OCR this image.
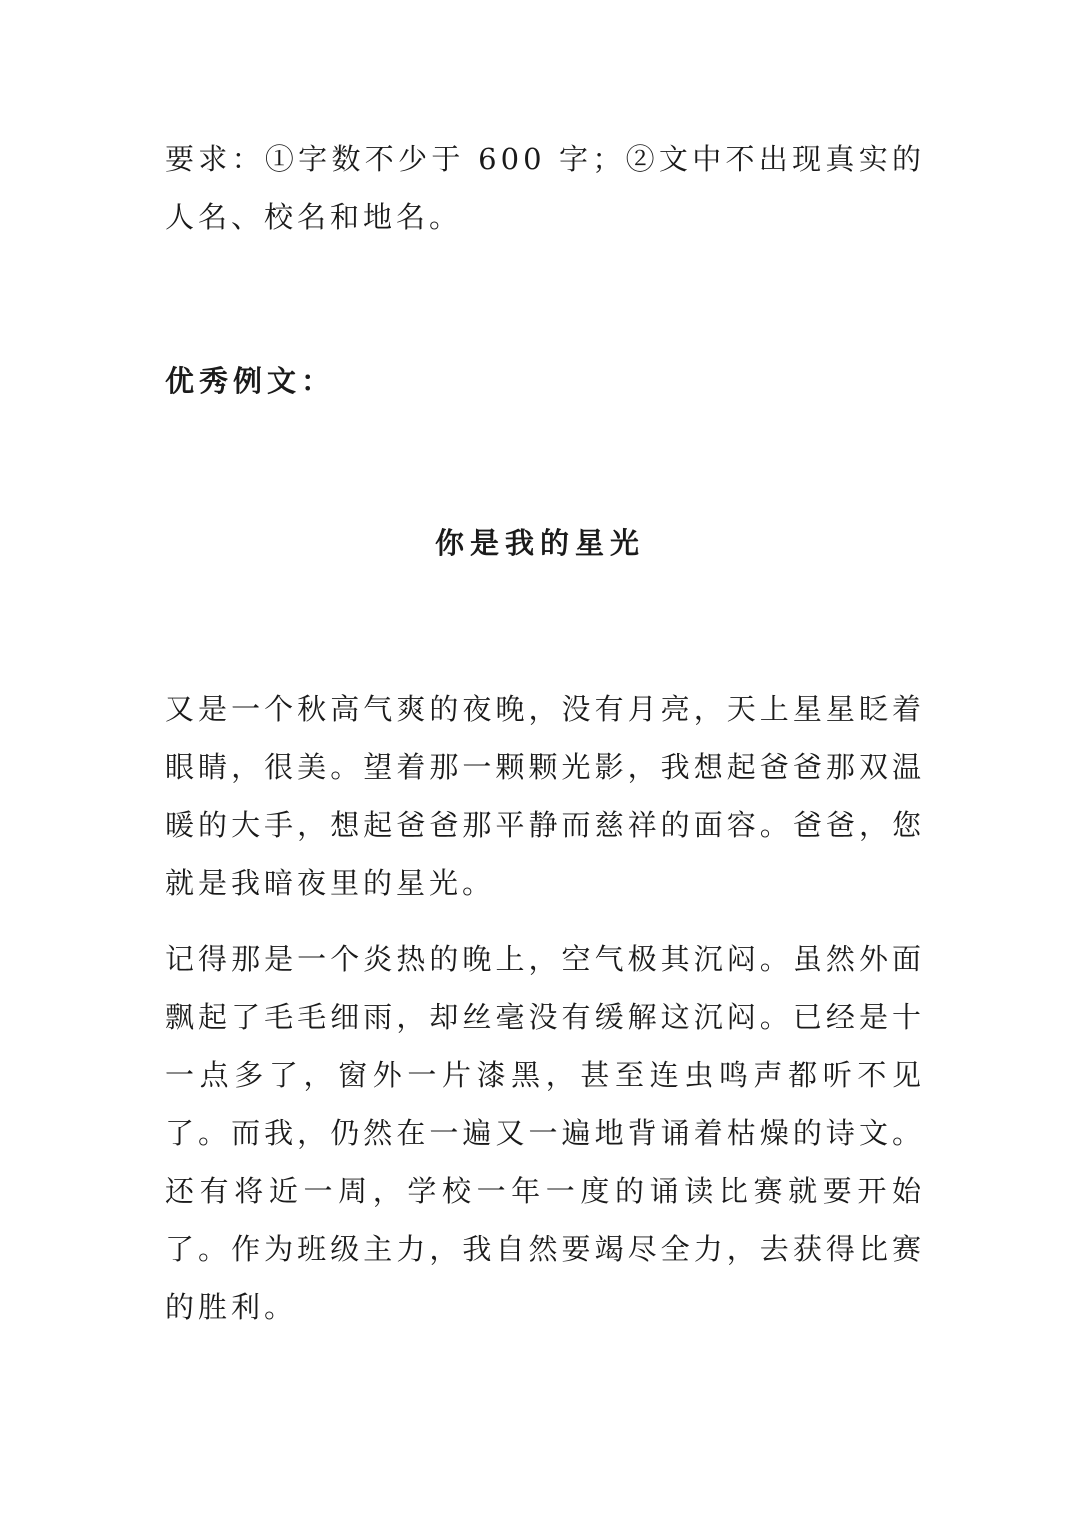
要求：①字数不少于 600 字；②文中不出现真实的人名、校名和地名。

优秀例文：

你是我的星光

又是一个秋高气爽的夜晚，没有月亮，天上星星眨着眼睛，很美。望着那一颗颗光影，我想起爸爸那双温暖的大手，想起爸爸那平静而慈祥的面容。爸爸，您就是我暗夜里的星光。

记得那是一个炎热的晚上，空气极其沉闷。虽然外面飘起了毛毛细雨，却丝毫没有缓解这沉闷。已经是十一点多了，窗外一片漆黑，甚至连虫鸣声都听不见了。而我，仍然在一遍又一遍地背诵着枯燥的诗文。还有将近一周，学校一年一度的诵读比赛就要开始了。作为班级主力，我自然要竭尽全力，去获得比赛的胜利。
